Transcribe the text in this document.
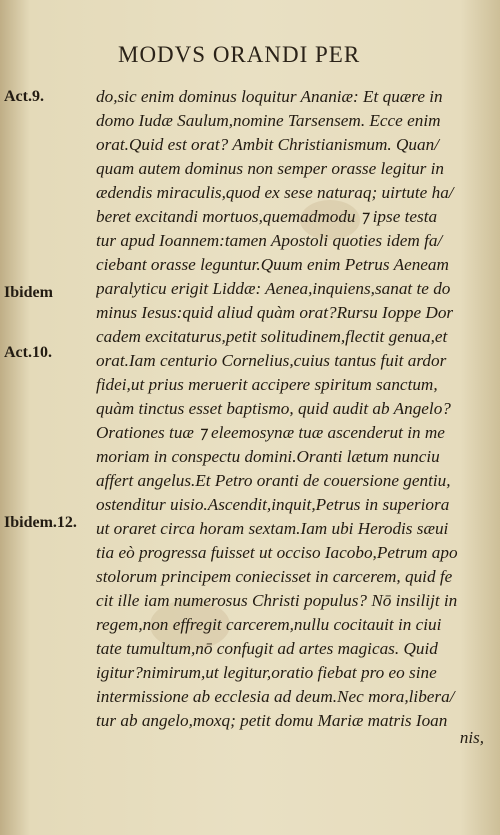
MODVS ORANDI PER
Act.9.
Ibidem
Act.10.
Ibidem.12.
do,sic enim dominus loquitur Ananiæ: Et quære in
domo Iudæ Saulum,nomine Tarsensem. Ecce enim
orat.Quid est orat? Ambit Christianismum. Quan/
quam autem dominus non semper orasse legitur in
ædendis miraculis,quod ex sese naturaq; uirtute ha/
beret excitandi mortuos,quemadmodu ⁊ ipse testa
tur apud Ioannem:tamen Apostoli quoties idem fa/
ciebant orasse leguntur.Quum enim Petrus Aeneam
paralyticu erigit Liddæ: Aenea,inquiens,sanat te do
minus Iesus:quid aliud quàm orat?Rursu Ioppe Dor
cadem excitaturus,petit solitudinem,flectit genua,et
orat.Iam centurio Cornelius,cuius tantus fuit ardor
fidei,ut prius meruerit accipere spiritum sanctum,
quàm tinctus esset baptismo, quid audit ab Angelo?
Orationes tuæ ⁊ eleemosynæ tuæ ascenderut in me
moriam in conspectu domini.Oranti lætum nunciu
affert angelus.Et Petro oranti de couersione gentiu,
ostenditur uisio.Ascendit,inquit,Petrus in superiora
ut oraret circa horam sextam.Iam ubi Herodis sæui
tia eò progressa fuisset ut occiso Iacobo,Petrum apo
stolorum principem coniecisset in carcerem, quid fe
cit ille iam numerosus Christi populus? Nō insilijt in
regem,non effregit carcerem,nullu cocitauit in ciui
tate tumultum,nō confugit ad artes magicas. Quid
igitur?nimirum,ut legitur,oratio fiebat pro eo sine
intermissione ab ecclesia ad deum.Nec mora,libera/
tur ab angelo,moxq; petit domu Mariæ matris Ioan
nis,
